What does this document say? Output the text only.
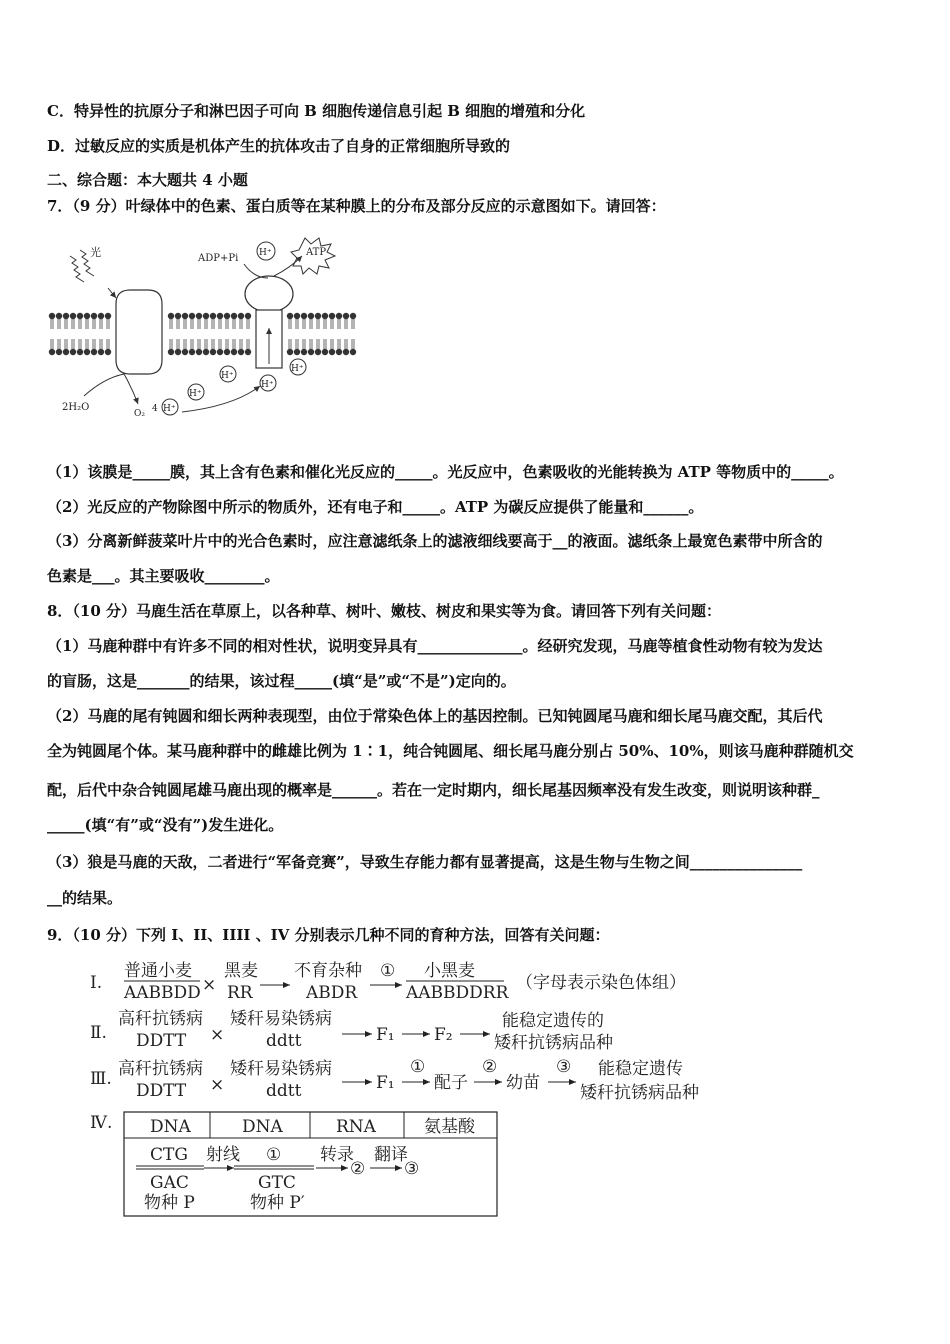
C．特异性的抗原分子和淋巴因子可向 B 细胞传递信息引起 B 细胞的增殖和分化
D．过敏反应的实质是机体产生的抗体攻击了自身的正常细胞所导致的
二、综合题：本大题共 4 小题
7．（9 分）叶绿体中的色素、蛋白质等在某种膜上的分布及部分反应的示意图如下。请回答：
光	ADP+Pi H⁺	ATP
2H₂O
O₂ 4 H⁺
H⁺
H⁺
H⁺
H⁺
（1）该膜是_____膜，其上含有色素和催化光反应的_____。光反应中，色素吸收的光能转换为 ATP 等物质中的_____。
（2）光反应的产物除图中所示的物质外，还有电子和_____。ATP 为碳反应提供了能量和______。
（3）分离新鲜菠菜叶片中的光合色素时，应注意滤纸条上的滤液细线要高于__的液面。滤纸条上最宽色素带中所含的
色素是___。其主要吸收________。
8．（10 分）马鹿生活在草原上，以各种草、树叶、嫩枝、树皮和果实等为食。请回答下列有关问题：
（1）马鹿种群中有许多不同的相对性状，说明变异具有______________。经研究发现，马鹿等植食性动物有较为发达
的盲肠，这是_______的结果，该过程_____(填“是”或“不是”)定向的。
（2）马鹿的尾有钝圆和细长两种表现型，由位于常染色体上的基因控制。已知钝圆尾马鹿和细长尾马鹿交配，其后代
全为钝圆尾个体。某马鹿种群中的雌雄比例为 1∶1，纯合钝圆尾、细长尾马鹿分别占 50%、10%，则该马鹿种群随机交
配，后代中杂合钝圆尾雄马鹿出现的概率是______。若在一定时期内，细长尾基因频率没有发生改变，则说明该种群_
_____(填“有”或“没有”)发生进化。
（3）狼是马鹿的天敌，二者进行“军备竞赛”，导致生存能力都有显著提高，这是生物与生物之间_______________
__的结果。
9．（10 分）下列 I、II、IIII 、IV 分别表示几种不同的育种方法，回答有关问题：
Ⅰ.
普通小麦
AABBDD ×
黑麦
RR
不育杂种
ABDR
① 小黑麦
AABBDDRR （字母表示染色体组）
Ⅱ.
高秆抗锈病
DDTT ×
矮秆易染锈病
ddtt	F₁ F₂
能稳定遗传的
矮秆抗锈病品种
Ⅲ. 高秆抗锈病
DDTT ×
矮秆易染锈病
ddtt	F₁
①
配子
②
幼苗
③ 能稳定遗传
矮秆抗锈病品种
Ⅳ. DNA	DNA	RNA	氨基酸
CTG
GAC
物种 P
射线 ①
GTC
物种 P′
转录
②
翻译
③
